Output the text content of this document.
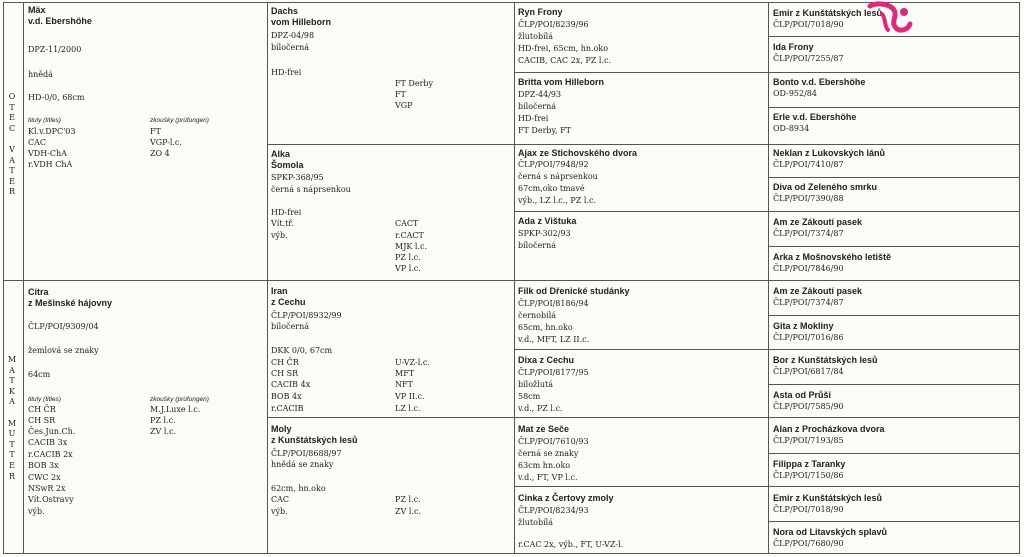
O
T
E
C
V
A
T
E
R
M
A
T
K
A
M
U
T
T
E
R
Mäx
v.d. Ebershöhe
DPZ-11/2000
hnědá
HD-0/0, 68cm
tituly (titles)	zkoušky (prüfungen)
Kl.v.DPC'03
CAC
VDH-ChA
r.VDH ChA
FT
VGP-l.c.
ZO 4
Citra
z Mešinské hájovny
ČLP/POI/9309/04
žemlová se znaky
64cm
tituly (titles)	zkoušky (prüfungen)
CH ČR
CH SR
Čes.Jun.Ch.
CACIB 3x
r.CACIB 2x
BOB 3x
CWC 2x
NSwR 2x
Vít.Ostravy
výb.
M.J.Luxe l.c.
PZ l.c.
ZV l.c.
Dachs
vom Hilleborn
DPZ-04/98
bíločerná
HD-frei
FT Derby
FT
VGP
Alka
Šomola
SPKP-368/95
černá s náprsenkou
HD-frei
Vít.tř.
výb.
CACT
r.CACT
MJK l.c.
PZ l.c.
VP l.c.
Iran
z Cechu
ČLP/POI/8932/99
bíločerná
DKK 0/0, 67cm
CH ČR
CH SR
CACIB 4x
BOB 4x
r.CACIB
U-VZ-l.c.
MFT
NFT
VP II.c.
LZ l.c.
Moly
z Kunštátských lesů
ČLP/POI/8688/97
hnědá se znaky
62cm, hn.oko
CAC
výb.
PZ l.c.
ZV l.c.
Ryn Frony
ČLP/POI/8239/96
žlutobílá
HD-frei, 65cm, hn.oko
CACIB, CAC 2x, PZ l.c.
Britta vom Hilleborn
DPZ-44/93
bíločerná
HD-frei
FT Derby, FT
Ajax ze Stichovského dvora
ČLP/POI/7948/92
černá s náprsenkou
67cm,oko tmavé
výb., LZ l.c., PZ l.c.
Ada z Vištuka
SPKP-302/93
bíločerná
Filk od Dřenické studánky
ČLP/POI/8186/94
černobílá
65cm, hn.oko
v.d., MFT, LZ II.c.
Dixa z Cechu
ČLP/POI/8177/95
bíložlutá
58cm
v.d., PZ l.c.
Mat ze Seče
ČLP/POI/7610/93
černá se znaky
63cm hn.oko
v.d., FT, VP l.c.
Cinka z Čertovy zmoly
ČLP/POI/8234/93
žlutobílá
r.CAC 2x, výb., FT, U-VZ-l.
Emir z Kunštátských lesů
ČLP/POI/7018/90
Ida Frony
ČLP/POI/7255/87
Bonto v.d. Ebershöhe
OD-952/84
Erle v.d. Ebershöhe
OD-8934
Neklan z Lukovských lánů
ČLP/POI/7410/87
Diva od Zeleného smrku
ČLP/POI/7390/88
Am ze Zákoutí pasek
ČLP/POI/7374/87
Arka z Mošnovského letiště
ČLP/POI/7846/90
Am ze Zákoutí pasek
ČLP/POI/7374/87
Gita z Mokliny
ČLP/POI/7016/86
Bor z Kunštátských lesů
ČLP/POI/6817/84
Asta od Průši
ČLP/POI/7585/90
Alan z Procházkova dvora
ČLP/POI/7193/85
Filippa z Taranky
ČLP/POI/7150/86
Emir z Kunštátských lesů
ČLP/POI/7018/90
Nora od Litavských splavů
ČLP/POI/7680/90
